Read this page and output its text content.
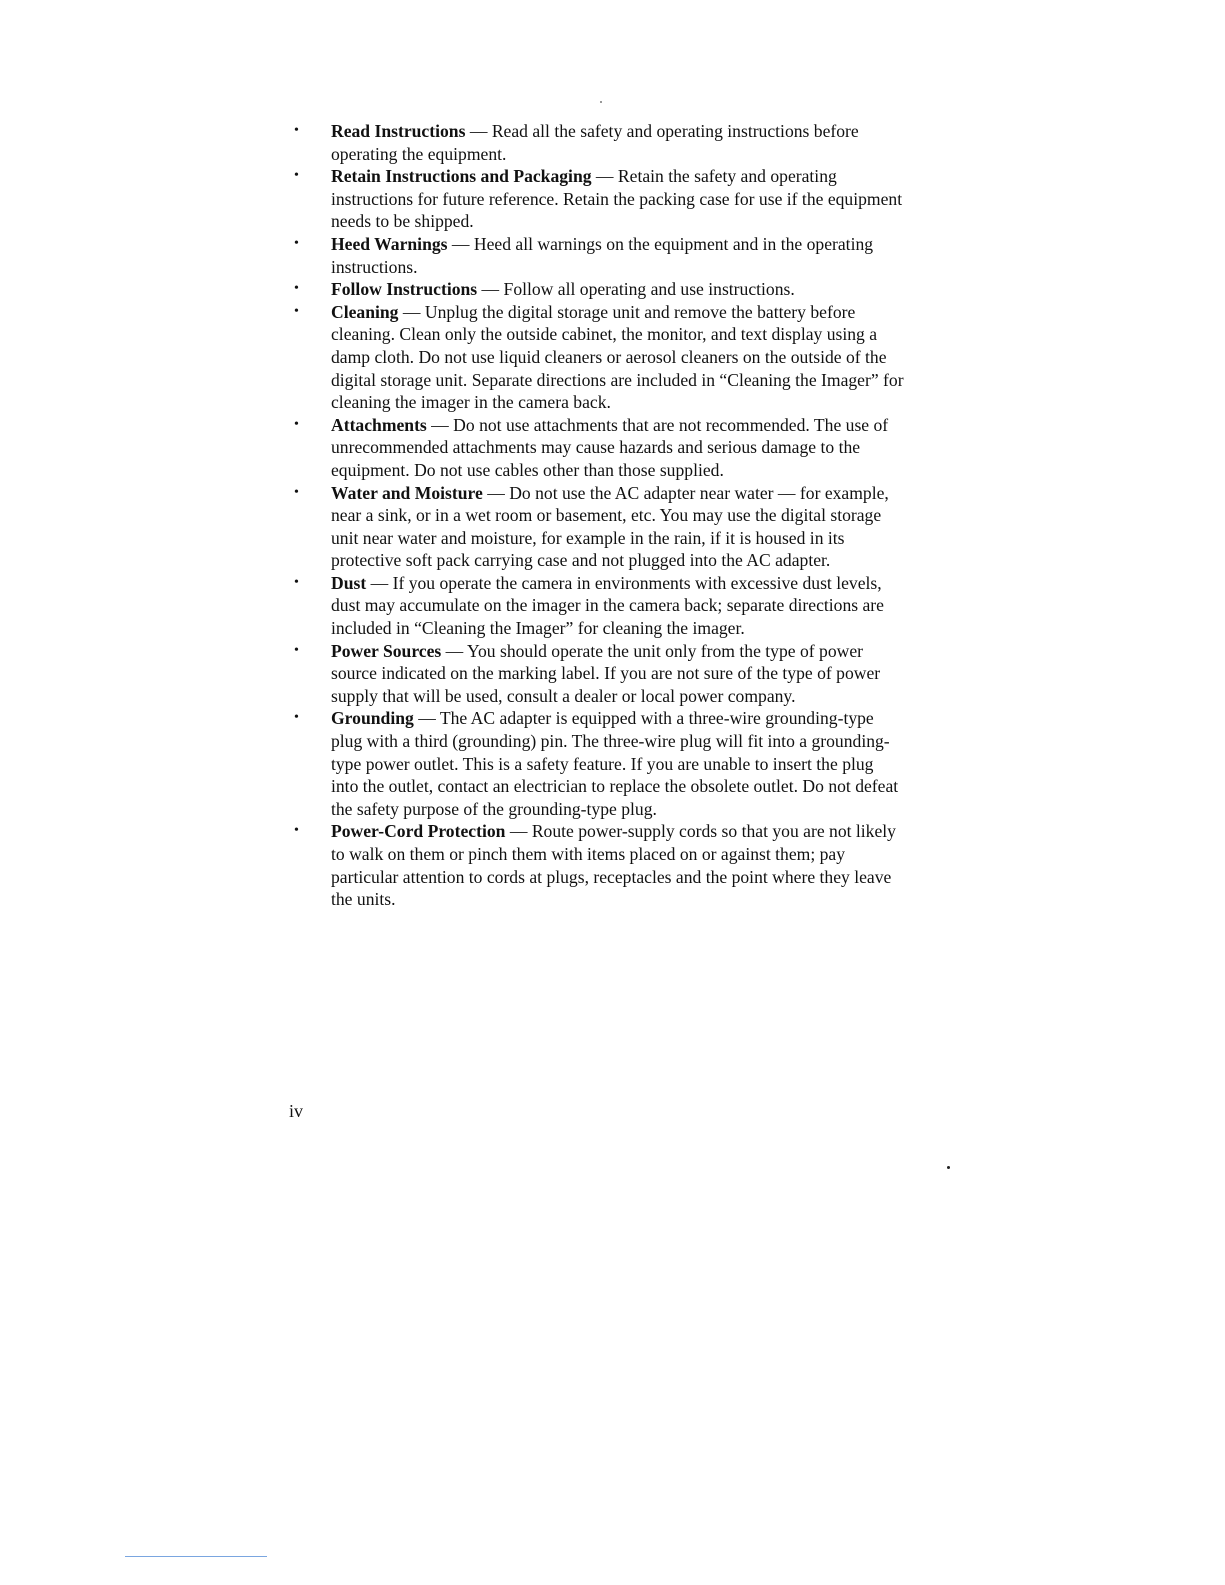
• Read Instructions — Read all the safety and operating instructions before operating the equipment.
• Retain Instructions and Packaging — Retain the safety and operating instructions for future reference. Retain the packing case for use if the equipment needs to be shipped.
• Heed Warnings — Heed all warnings on the equipment and in the operating instructions.
• Follow Instructions — Follow all operating and use instructions.
• Cleaning — Unplug the digital storage unit and remove the battery before cleaning. Clean only the outside cabinet, the monitor, and text display using a damp cloth. Do not use liquid cleaners or aerosol cleaners on the outside of the digital storage unit. Separate directions are included in “Cleaning the Imager” for cleaning the imager in the camera back.
• Attachments — Do not use attachments that are not recommended. The use of unrecommended attachments may cause hazards and serious damage to the equipment. Do not use cables other than those supplied.
• Water and Moisture — Do not use the AC adapter near water — for example, near a sink, or in a wet room or basement, etc. You may use the digital storage unit near water and moisture, for example in the rain, if it is housed in its protective soft pack carrying case and not plugged into the AC adapter.
• Dust — If you operate the camera in environments with excessive dust levels, dust may accumulate on the imager in the camera back; separate directions are included in “Cleaning the Imager” for cleaning the imager.
• Power Sources — You should operate the unit only from the type of power source indicated on the marking label. If you are not sure of the type of power supply that will be used, consult a dealer or local power company.
• Grounding — The AC adapter is equipped with a three-wire grounding-type plug with a third (grounding) pin. The three-wire plug will fit into a grounding-type power outlet. This is a safety feature. If you are unable to insert the plug into the outlet, contact an electrician to replace the obsolete outlet. Do not defeat the safety purpose of the grounding-type plug.
• Power-Cord Protection — Route power-supply cords so that you are not likely to walk on them or pinch them with items placed on or against them; pay particular attention to cords at plugs, receptacles and the point where they leave the units.
iv
